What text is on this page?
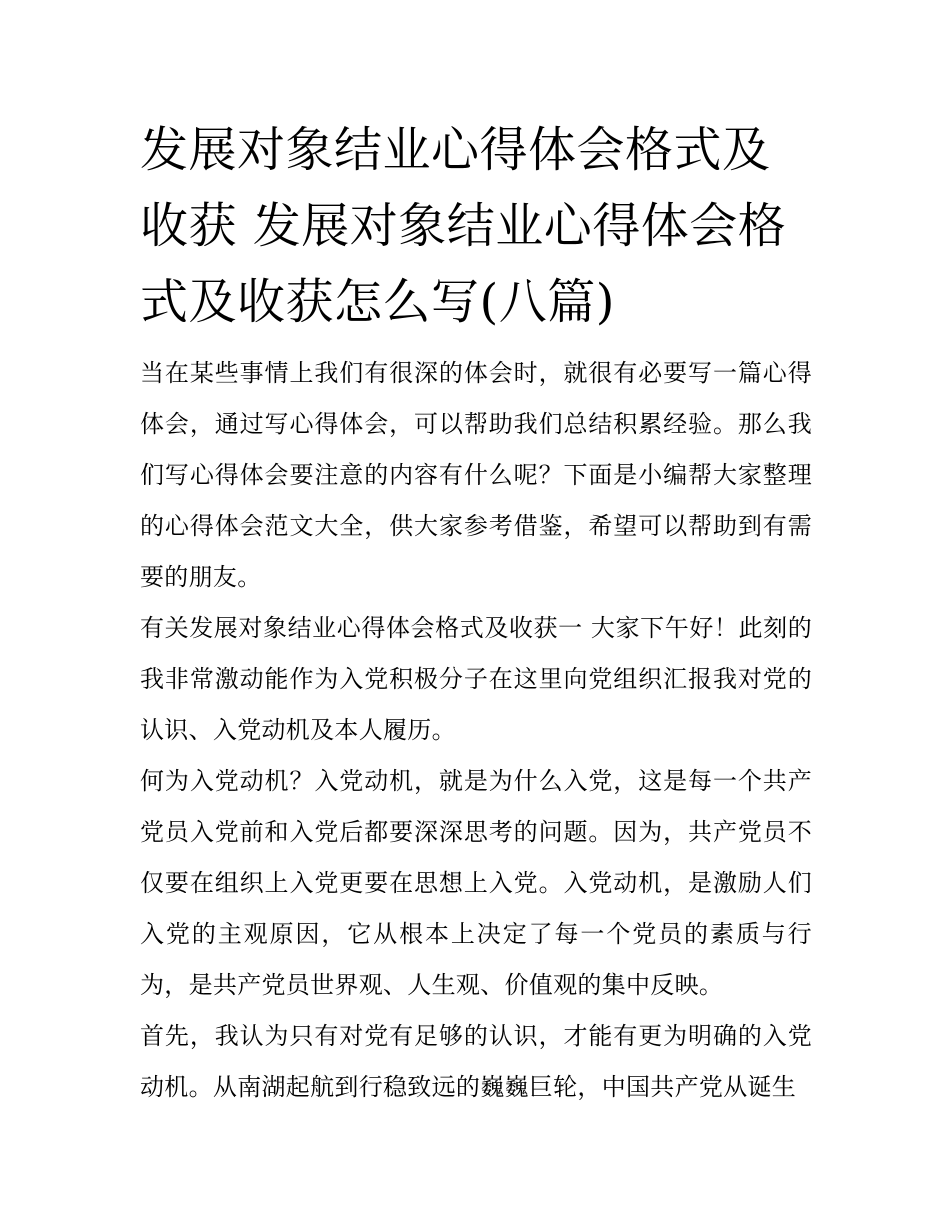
发展对象结业心得体会格式及收获 发展对象结业心得体会格式及收获怎么写(八篇)

当在某些事情上我们有很深的体会时，就很有必要写一篇心得体会，通过写心得体会，可以帮助我们总结积累经验。那么我们写心得体会要注意的内容有什么呢？下面是小编帮大家整理的心得体会范文大全，供大家参考借鉴，希望可以帮助到有需要的朋友。

有关发展对象结业心得体会格式及收获一 大家下午好！此刻的我非常激动能作为入党积极分子在这里向党组织汇报我对党的认识、入党动机及本人履历。

何为入党动机？入党动机，就是为什么入党，这是每一个共产党员入党前和入党后都要深深思考的问题。因为，共产党员不仅要在组织上入党更要在思想上入党。入党动机，是激励人们入党的主观原因，它从根本上决定了每一个党员的素质与行为，是共产党员世界观、人生观、价值观的集中反映。

首先，我认为只有对党有足够的认识，才能有更为明确的入党动机。从南湖起航到行稳致远的巍巍巨轮，中国共产党从诞生
